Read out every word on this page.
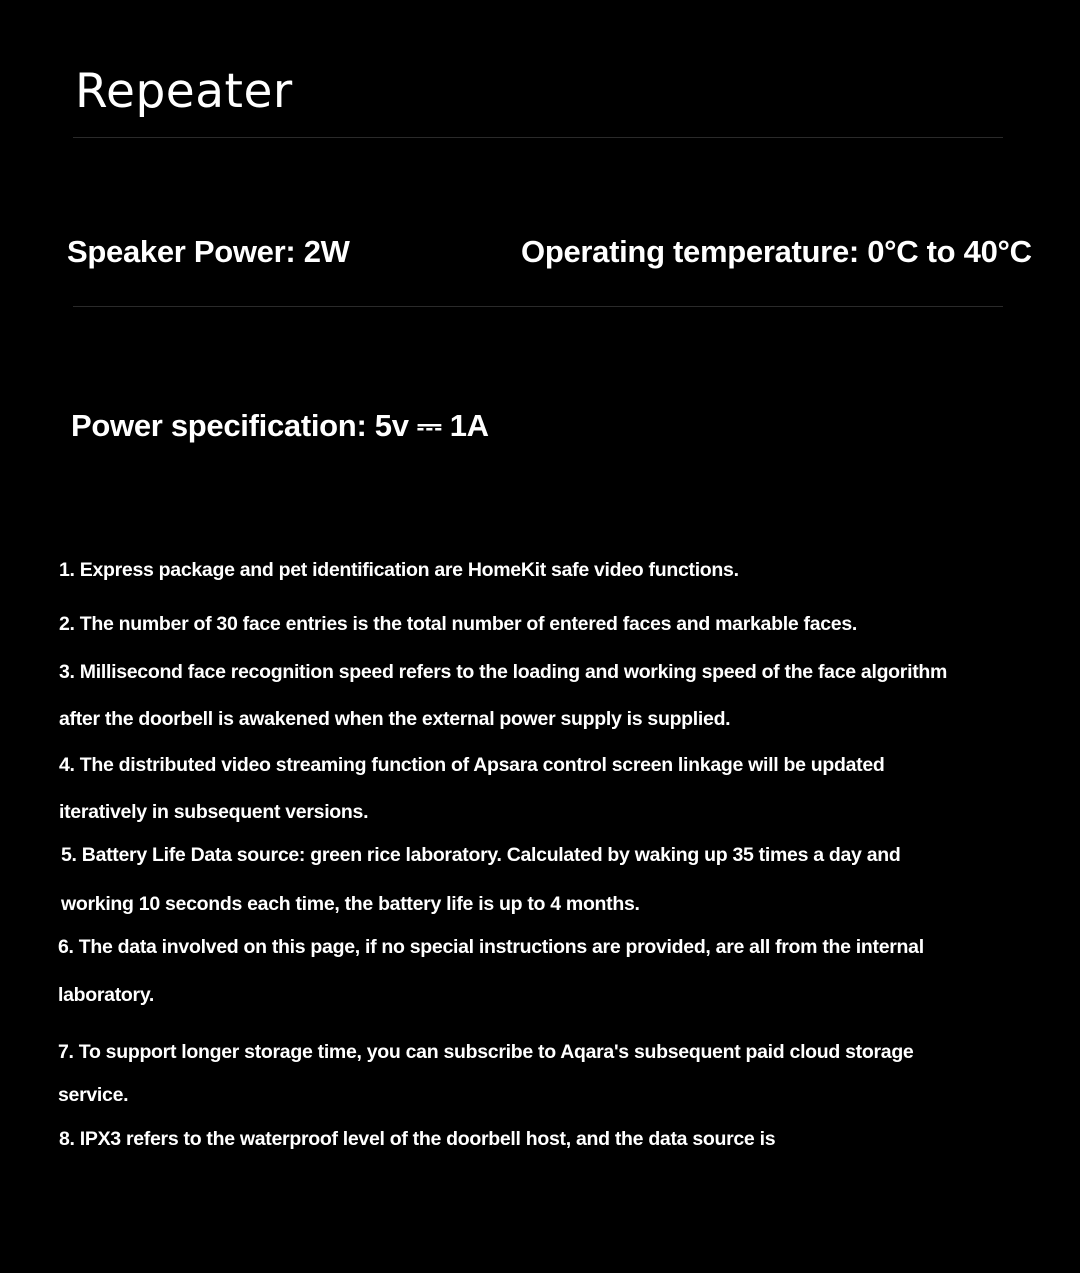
Repeater
Speaker Power: 2W	Operating temperature: 0°C to 40°C
Power specification: 5v ⎓ 1A
1. Express package and pet identification are HomeKit safe video functions.
2. The number of 30 face entries is the total number of entered faces and markable faces.
3. Millisecond face recognition speed refers to the loading and working speed of the face algorithm
after the doorbell is awakened when the external power supply is supplied.
4. The distributed video streaming function of Apsara control screen linkage will be updated
iteratively in subsequent versions.
5. Battery Life Data source: green rice laboratory. Calculated by waking up 35 times a day and
working 10 seconds each time, the battery life is up to 4 months.
6. The data involved on this page, if no special instructions are provided, are all from the internal
laboratory.
7. To support longer storage time, you can subscribe to Aqara's subsequent paid cloud storage
service.
8. IPX3 refers to the waterproof level of the doorbell host, and the data source is
